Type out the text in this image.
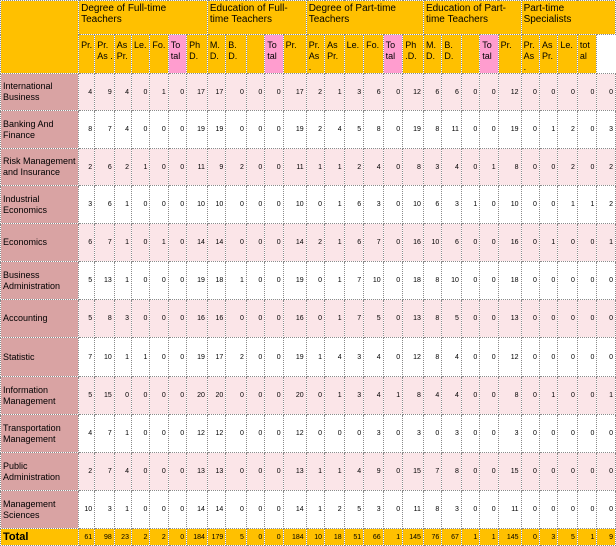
	Degree of Full-time Teachers							Education of Full-time Teachers					Degree of Part-time Teachers						Education of Part-time Teachers					Part-time Specialists				
	Pr.	Pr. As .	As Pr.	Le.	Fo.	To tal	Ph D.	M. D.	B. D.		To tal	Pr.	Pr. As .	As Pr.	Le.	Fo.	To tal	Ph .D.	M. D.	B. D.		To tal	Pr.	Pr. As .	As Pr.	Le.	tot al	
International Business	4	9	4	0	1	0	17	17	0	0	0	17	2	1	3	6	0	12	6	6	0	0	12	0	0	0	0	0
Banking And Finance	8	7	4	0	0	0	19	19	0	0	0	19	2	4	5	8	0	19	8	11	0	0	19	0	1	2	0	3
Risk Management and Insurance	2	6	2	1	0	0	11	9	2	0	0	11	1	1	2	4	0	8	3	4	0	1	8	0	0	2	0	2
Industrial Economics	3	6	1	0	0	0	10	10	0	0	0	10	0	1	6	3	0	10	6	3	1	0	10	0	0	1	1	2
Economics	6	7	1	0	1	0	14	14	0	0	0	14	2	1	6	7	0	16	10	6	0	0	16	0	1	0	0	1
Business Administration	5	13	1	0	0	0	19	18	1	0	0	19	0	1	7	10	0	18	8	10	0	0	18	0	0	0	0	0
Accounting	5	8	3	0	0	0	16	16	0	0	0	16	0	1	7	5	0	13	8	5	0	0	13	0	0	0	0	0
Statistic	7	10	1	1	0	0	19	17	2	0	0	19	1	4	3	4	0	12	8	4	0	0	12	0	0	0	0	0
Information Management	5	15	0	0	0	0	20	20	0	0	0	20	0	1	3	4	1	8	4	4	0	0	8	0	1	0	0	1
Transportation Management	4	7	1	0	0	0	12	12	0	0	0	12	0	0	0	3	0	3	0	3	0	0	3	0	0	0	0	0
Public Administration	2	7	4	0	0	0	13	13	0	0	0	13	1	1	4	9	0	15	7	8	0	0	15	0	0	0	0	0
Management Sciences	10	3	1	0	0	0	14	14	0	0	0	14	1	2	5	3	0	11	8	3	0	0	11	0	0	0	0	0
Total	61	98	23	2	2	0	184	179	5	0	0	184	10	18	51	66	1	145	76	67	1	1	145	0	3	5	1	9
